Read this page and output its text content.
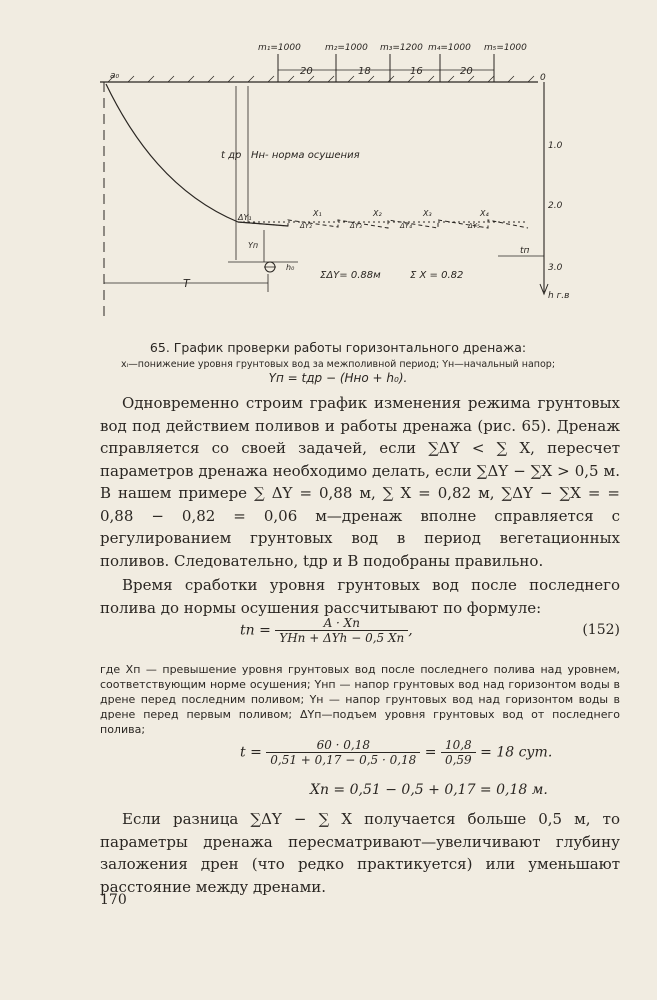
m₁=1000	m₂=1000 m₃=1200 m₄=1000 m₅=1000
20	18	16	20
a₀	0
1.0
2.0
3.0
h г.в
ΔY₁
ΔY₂	ΔY₃	ΔY₄	ΔY₅
X₁	X₂	X₃	X₄
t др Hн- норма осушения
Yп
h₀
T
ΣΔY= 0.88м	Σ X = 0.82
tп
65. График проверки работы горизонтального дренажа:
xᵢ—понижение уровня грунтовых вод за межполивной период; Yн—начальный напор;
Yп = tдр − (Hно + h₀).

Одновременно строим график изменения режима грунтовых вод под действием поливов и работы дренажа (рис. 65). Дренаж справляется со своей задачей, если ∑ΔY < ∑ X, пересчет параметров дренажа необходимо делать, если ∑ΔY − ∑X > 0,5 м. В нашем примере ∑ ΔY = 0,88 м, ∑ X = 0,82 м, ∑ΔY − ∑X = = 0,88 − 0,82 = 0,06 м—дренаж вполне справляется с регулированием грунтовых вод в период вегетационных поливов. Следовательно, tдр и B подобраны правильно.

Время сработки уровня грунтовых вод после последнего полива до нормы осушения рассчитывают по формуле:

tп = $\frac{A \cdot Xп}{\text{YHп + ΔYh − 0,5 Xп}}$ ,	(152)
где Xп — превышение уровня грунтовых вод после последнего полива над уровнем, соответствующим норме осушения; Yнп — напор грунтовых вод над горизонтом воды в дрене перед последним поливом; Yн — напор грунтовых вод над горизонтом воды в дрене перед первым поливом; ΔYп—подъем уровня грунтовых вод от последнего полива;
$t = \frac{60 \cdot 0,18}{0,51 + 0,17 - 0,5 \cdot 0,18} = \frac{10,8}{0,59} = 18$ сут.
Xп = 0,51 − 0,5 + 0,17 = 0,18 м.

Если разница ∑ΔY − ∑ X получается больше 0,5 м, то параметры дренажа пересматривают—увеличивают глубину заложения дрен (что редко практикуется) или уменьшают расстояние между дренами.

170
